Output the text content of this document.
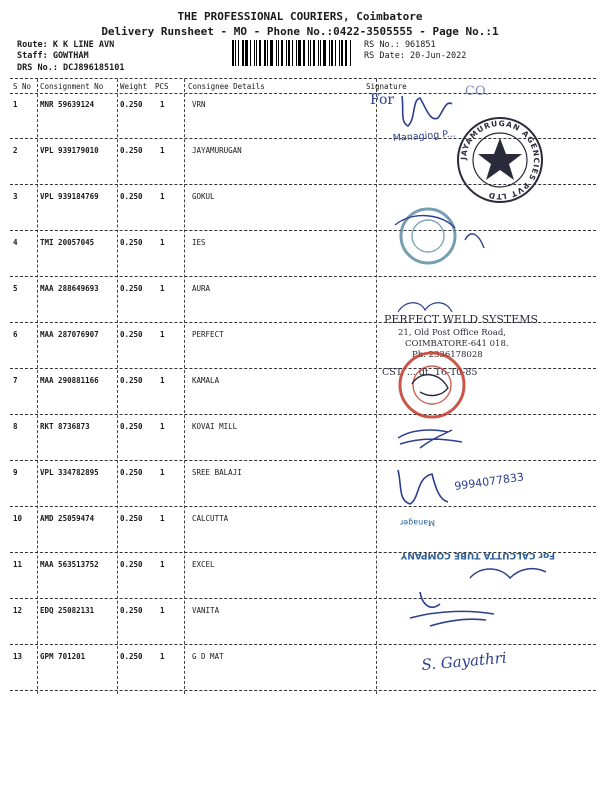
THE PROFESSIONAL COURIERS, Coimbatore
Delivery Runsheet - MO - Phone No.:0422-3505555 - Page No.:1
Route: K K LINE AVN
Staff: GOWTHAM
DRS No.: DCJ896185101
RS No.: 961851
RS Date: 20-Jun-2022
S No Consignment No Weight PCS	Consignee Details	Signature
1	MNR 59639124	0.250 1	VRN
2	VPL 939179010	0.250 1	JAYAMURUGAN
3	VPL 939184769	0.250 1	GOKUL
4	TMI 20057045	0.250 1	IES
5	MAA 288649693	0.250 1	AURA
6	MAA 287076907	0.250 1	PERFECT
7	MAA 290881166	0.250 1	KAMALA
8	RKT 8736873	0.250 1	KOVAI MILL
9	VPL 334782895	0.250 1	SREE BALAJI
10 AMD 25059474	0.250 1	CALCUTTA
11 MAA 563513752	0.250 1	EXCEL
12 EDQ 25082131	0.250 1	VANITA
13 GPM 701201	0.250 1	G D MAT
For
CO.
Managing P...
JAYAMURUGAN AGENCIES PVT LTD
PERFECT WELD SYSTEMS
21, Old Post Office Road,
COIMBATORE-641 018.
Ph. 2336178028
CST. ... dt. 16-10-85
9994077833
For CALCUTTA TUBE COMPANY
Manager
S. Gayathri
